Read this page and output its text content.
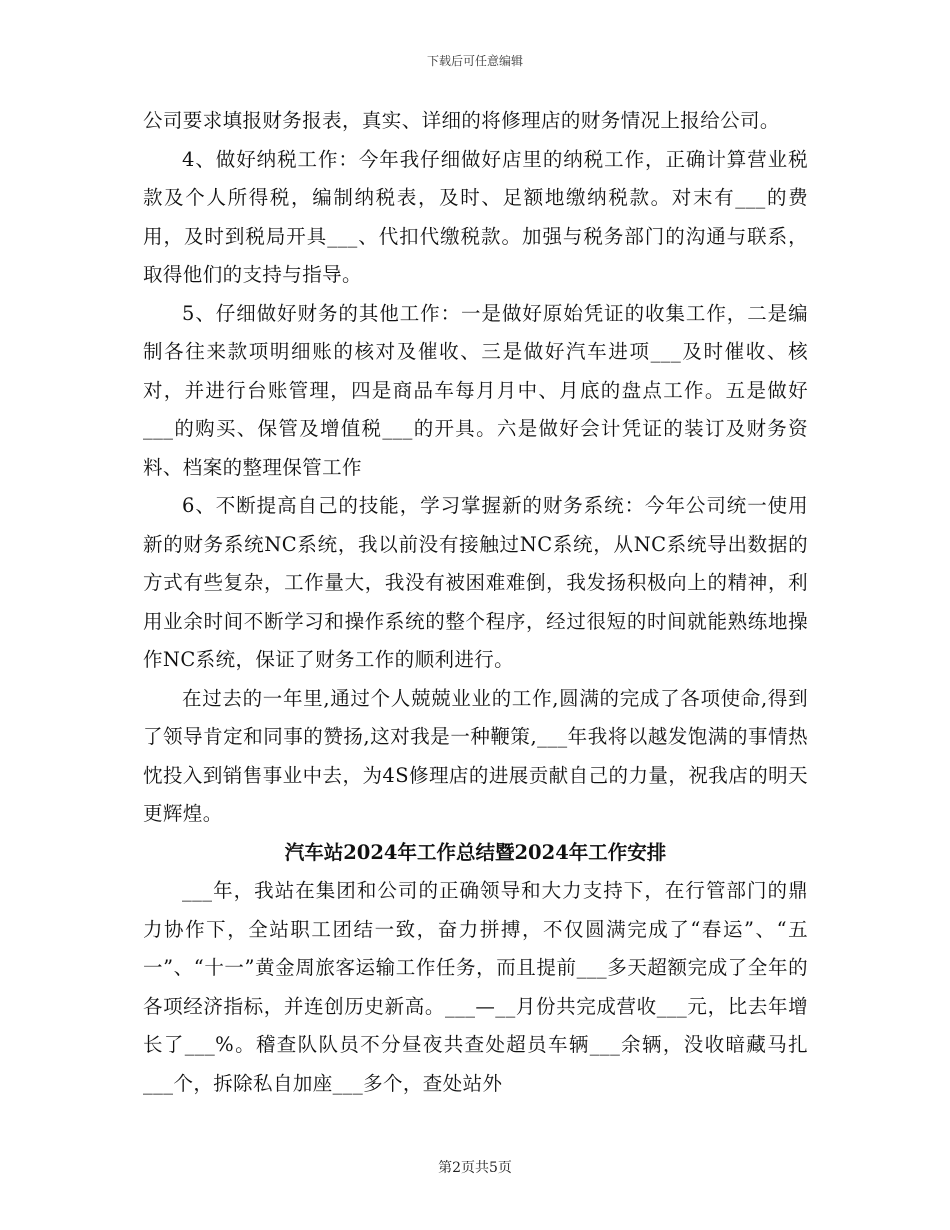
下载后可任意编辑

公司要求填报财务报表，真实、详细的将修理店的财务情况上报给公司。

4、做好纳税工作：今年我仔细做好店里的纳税工作，正确计算营业税款及个人所得税，编制纳税表，及时、足额地缴纳税款。对末有___的费用，及时到税局开具___、代扣代缴税款。加强与税务部门的沟通与联系，取得他们的支持与指导。

5、仔细做好财务的其他工作：一是做好原始凭证的收集工作，二是编制各往来款项明细账的核对及催收、三是做好汽车进项___及时催收、核对，并进行台账管理，四是商品车每月月中、月底的盘点工作。五是做好___的购买、保管及增值税___的开具。六是做好会计凭证的装订及财务资料、档案的整理保管工作

6、不断提高自己的技能，学习掌握新的财务系统：今年公司统一使用新的财务系统NC系统，我以前没有接触过NC系统，从NC系统导出数据的方式有些复杂，工作量大，我没有被困难难倒，我发扬积极向上的精神，利用业余时间不断学习和操作系统的整个程序，经过很短的时间就能熟练地操作NC系统，保证了财务工作的顺利进行。

在过去的一年里,通过个人兢兢业业的工作,圆满的完成了各项使命,得到了领导肯定和同事的赞扬,这对我是一种鞭策,___年我将以越发饱满的事情热忱投入到销售事业中去，为4S修理店的进展贡献自己的力量，祝我店的明天更辉煌。

汽车站2024年工作总结暨2024年工作安排

___年，我站在集团和公司的正确领导和大力支持下，在行管部门的鼎力协作下，全站职工团结一致，奋力拼搏，不仅圆满完成了“春运”、“五一”、“十一”黄金周旅客运输工作任务，而且提前___多天超额完成了全年的各项经济指标，并连创历史新高。___—__月份共完成营收___元，比去年增长了___%。稽查队队员不分昼夜共查处超员车辆___余辆，没收暗藏马扎___个，拆除私自加座___多个，查处站外

第2页共5页
